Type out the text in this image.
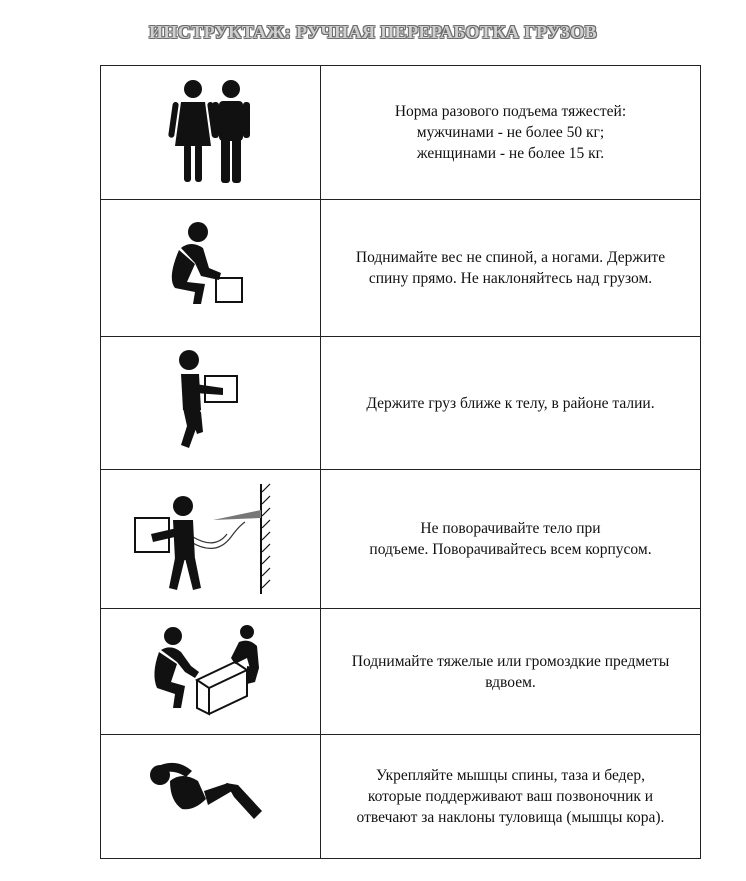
ИНСТРУКТАЖ: РУЧНАЯ ПЕРЕРАБОТКА ГРУЗОВ

Норма разового подъема тяжестей:
мужчинами - не более 50 кг;
женщинами - не более 15 кг.

Поднимайте вес не спиной, а ногами. Держите
спину прямо. Не наклоняйтесь над грузом.

Держите груз ближе к телу, в районе талии.

Не поворачивайте тело при
подъеме. Поворачивайтесь всем корпусом.

Поднимайте тяжелые или громоздкие предметы
вдвоем.

Укрепляйте мышцы спины, таза и бедер,
которые поддерживают ваш позвоночник и
отвечают за наклоны туловища (мышцы кора).
